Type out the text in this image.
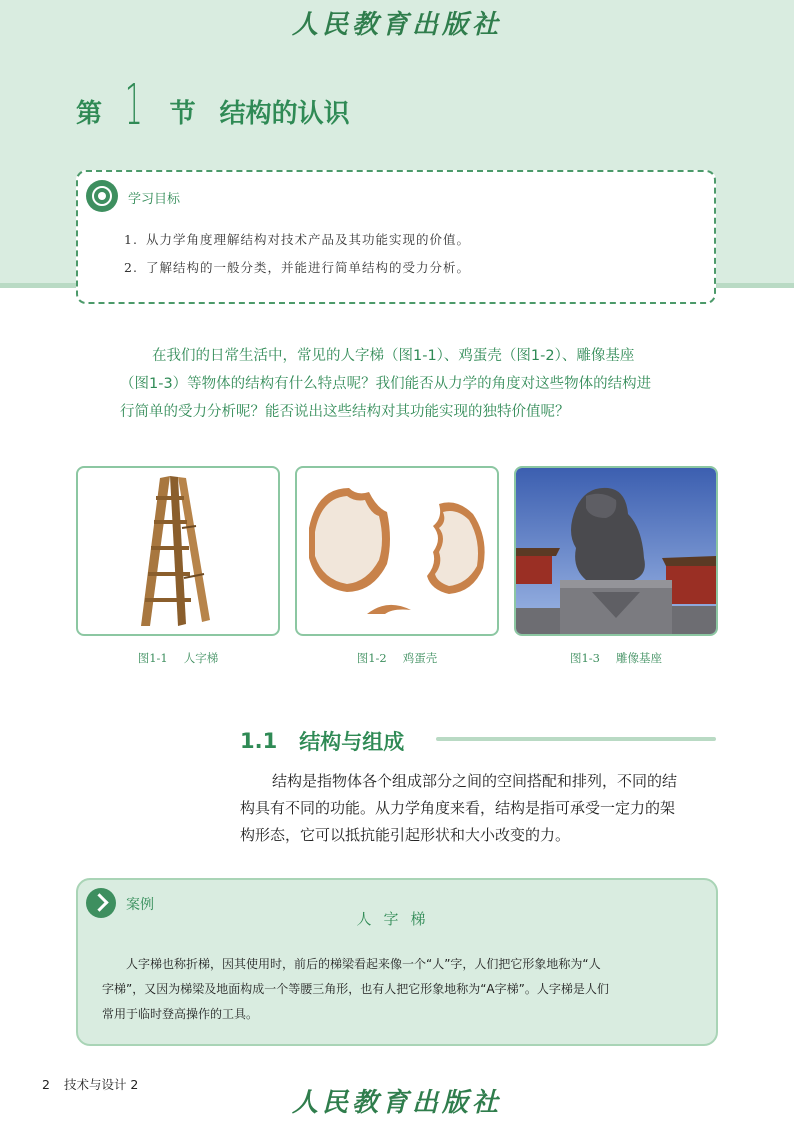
人民教育出版社
第 1 节 结构的认识
学习目标
1. 从力学角度理解结构对技术产品及其功能实现的价值。
2. 了解结构的一般分类，并能进行简单结构的受力分析。

在我们的日常生活中，常见的人字梯（图1-1）、鸡蛋壳（图1-2）、雕像基座
（图1-3）等物体的结构有什么特点呢？我们能否从力学的角度对这些物体的结构进
行简单的受力分析呢？能否说出这些结构对其功能实现的独特价值呢？

图1-1 人字梯	图1-2 鸡蛋壳	图1-3 雕像基座
1.1 结构与组成

结构是指物体各个组成部分之间的空间搭配和排列，不同的结
构具有不同的功能。从力学角度来看，结构是指可承受一定力的架
构形态，它可以抵抗能引起形状和大小改变的力。

案例
人字梯

人字梯也称折梯，因其使用时，前后的梯梁看起来像一个“人”字，人们把它形象地称为“人
字梯”，又因为梯梁及地面构成一个等腰三角形，也有人把它形象地称为“A字梯”。人字梯是人们
常用于临时登高操作的工具。

2 技术与设计 2
人民教育出版社
